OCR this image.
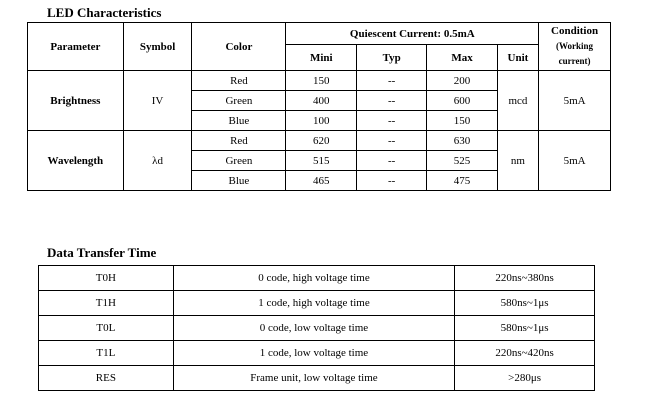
LED Characteristics
Parameter	Symbol	Color	Quiescent Current: 0.5mA				Condition
(Working current)

			Mini	Typ	Max	Unit	
Brightness	IV	Red	150	--	200	mcd	5mA
		Green	400	--	600		
		Blue	100	--	150		
Wavelength	λd	Red	620	--	630	nm	5mA
		Green	515	--	525		
		Blue	465	--	475		
Data Transfer Time
T0H	0 code, high voltage time	220ns~380ns
T1H	1 code, high voltage time	580ns~1μs
T0L	0 code, low voltage time	580ns~1μs
T1L	1 code, low voltage time	220ns~420ns
RES	Frame unit, low voltage time	>280μs
